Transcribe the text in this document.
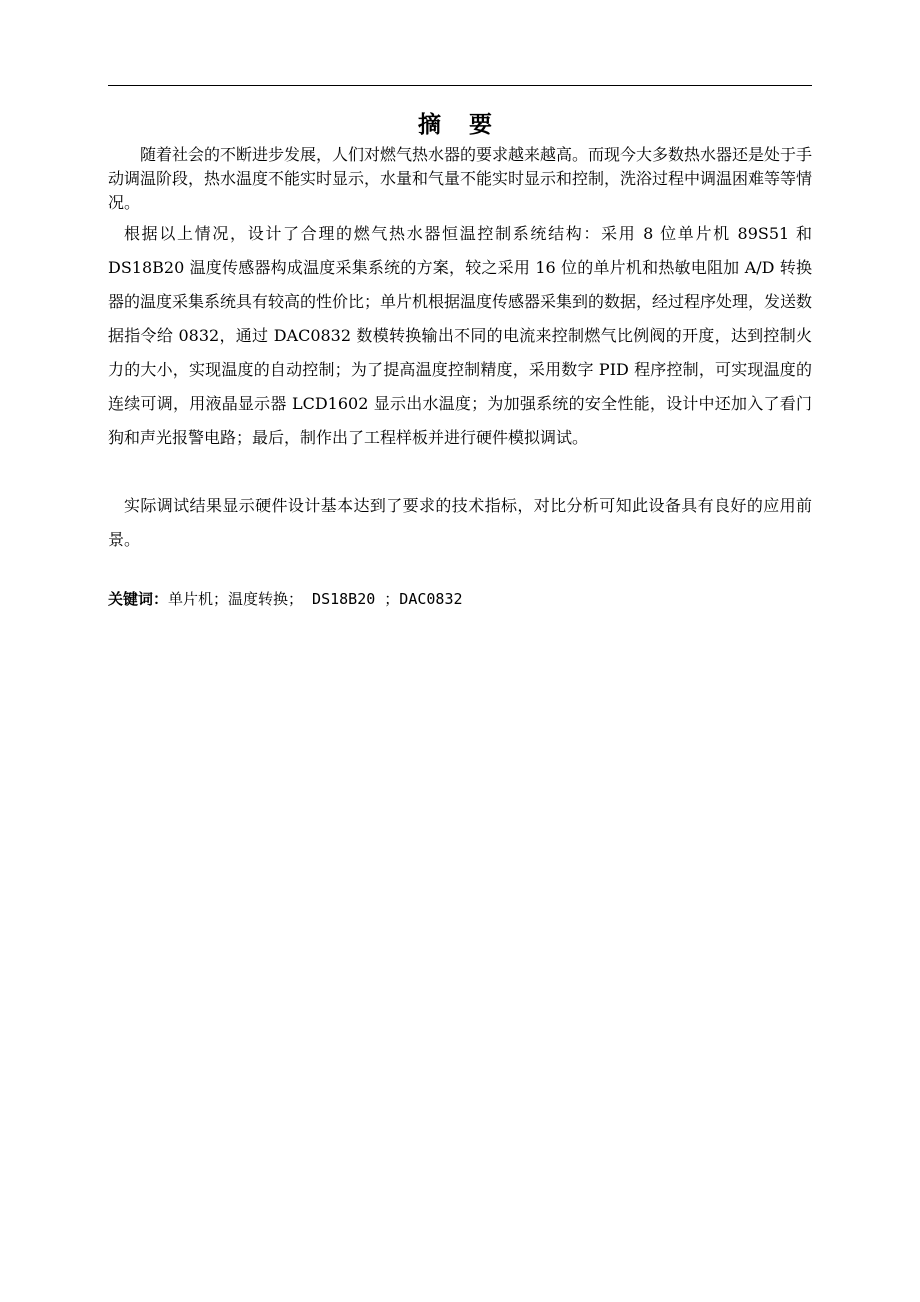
摘 要

随着社会的不断进步发展，人们对燃气热水器的要求越来越高。而现今大多数热水器还是处于手动调温阶段，热水温度不能实时显示，水量和气量不能实时显示和控制，洗浴过程中调温困难等等情况。

根据以上情况，设计了合理的燃气热水器恒温控制系统结构：采用 8 位单片机 89S51 和 DS18B20 温度传感器构成温度采集系统的方案，较之采用 16 位的单片机和热敏电阻加 A/D 转换器的温度采集系统具有较高的性价比；单片机根据温度传感器采集到的数据，经过程序处理，发送数据指令给 0832，通过 DAC0832 数模转换输出不同的电流来控制燃气比例阀的开度，达到控制火力的大小，实现温度的自动控制；为了提高温度控制精度，采用数字 PID 程序控制，可实现温度的连续可调，用液晶显示器 LCD1602 显示出水温度；为加强系统的安全性能，设计中还加入了看门狗和声光报警电路；最后，制作出了工程样板并进行硬件模拟调试。

实际调试结果显示硬件设计基本达到了要求的技术指标，对比分析可知此设备具有良好的应用前景。

关键词：单片机；温度转换； DS18B20 ；DAC0832
